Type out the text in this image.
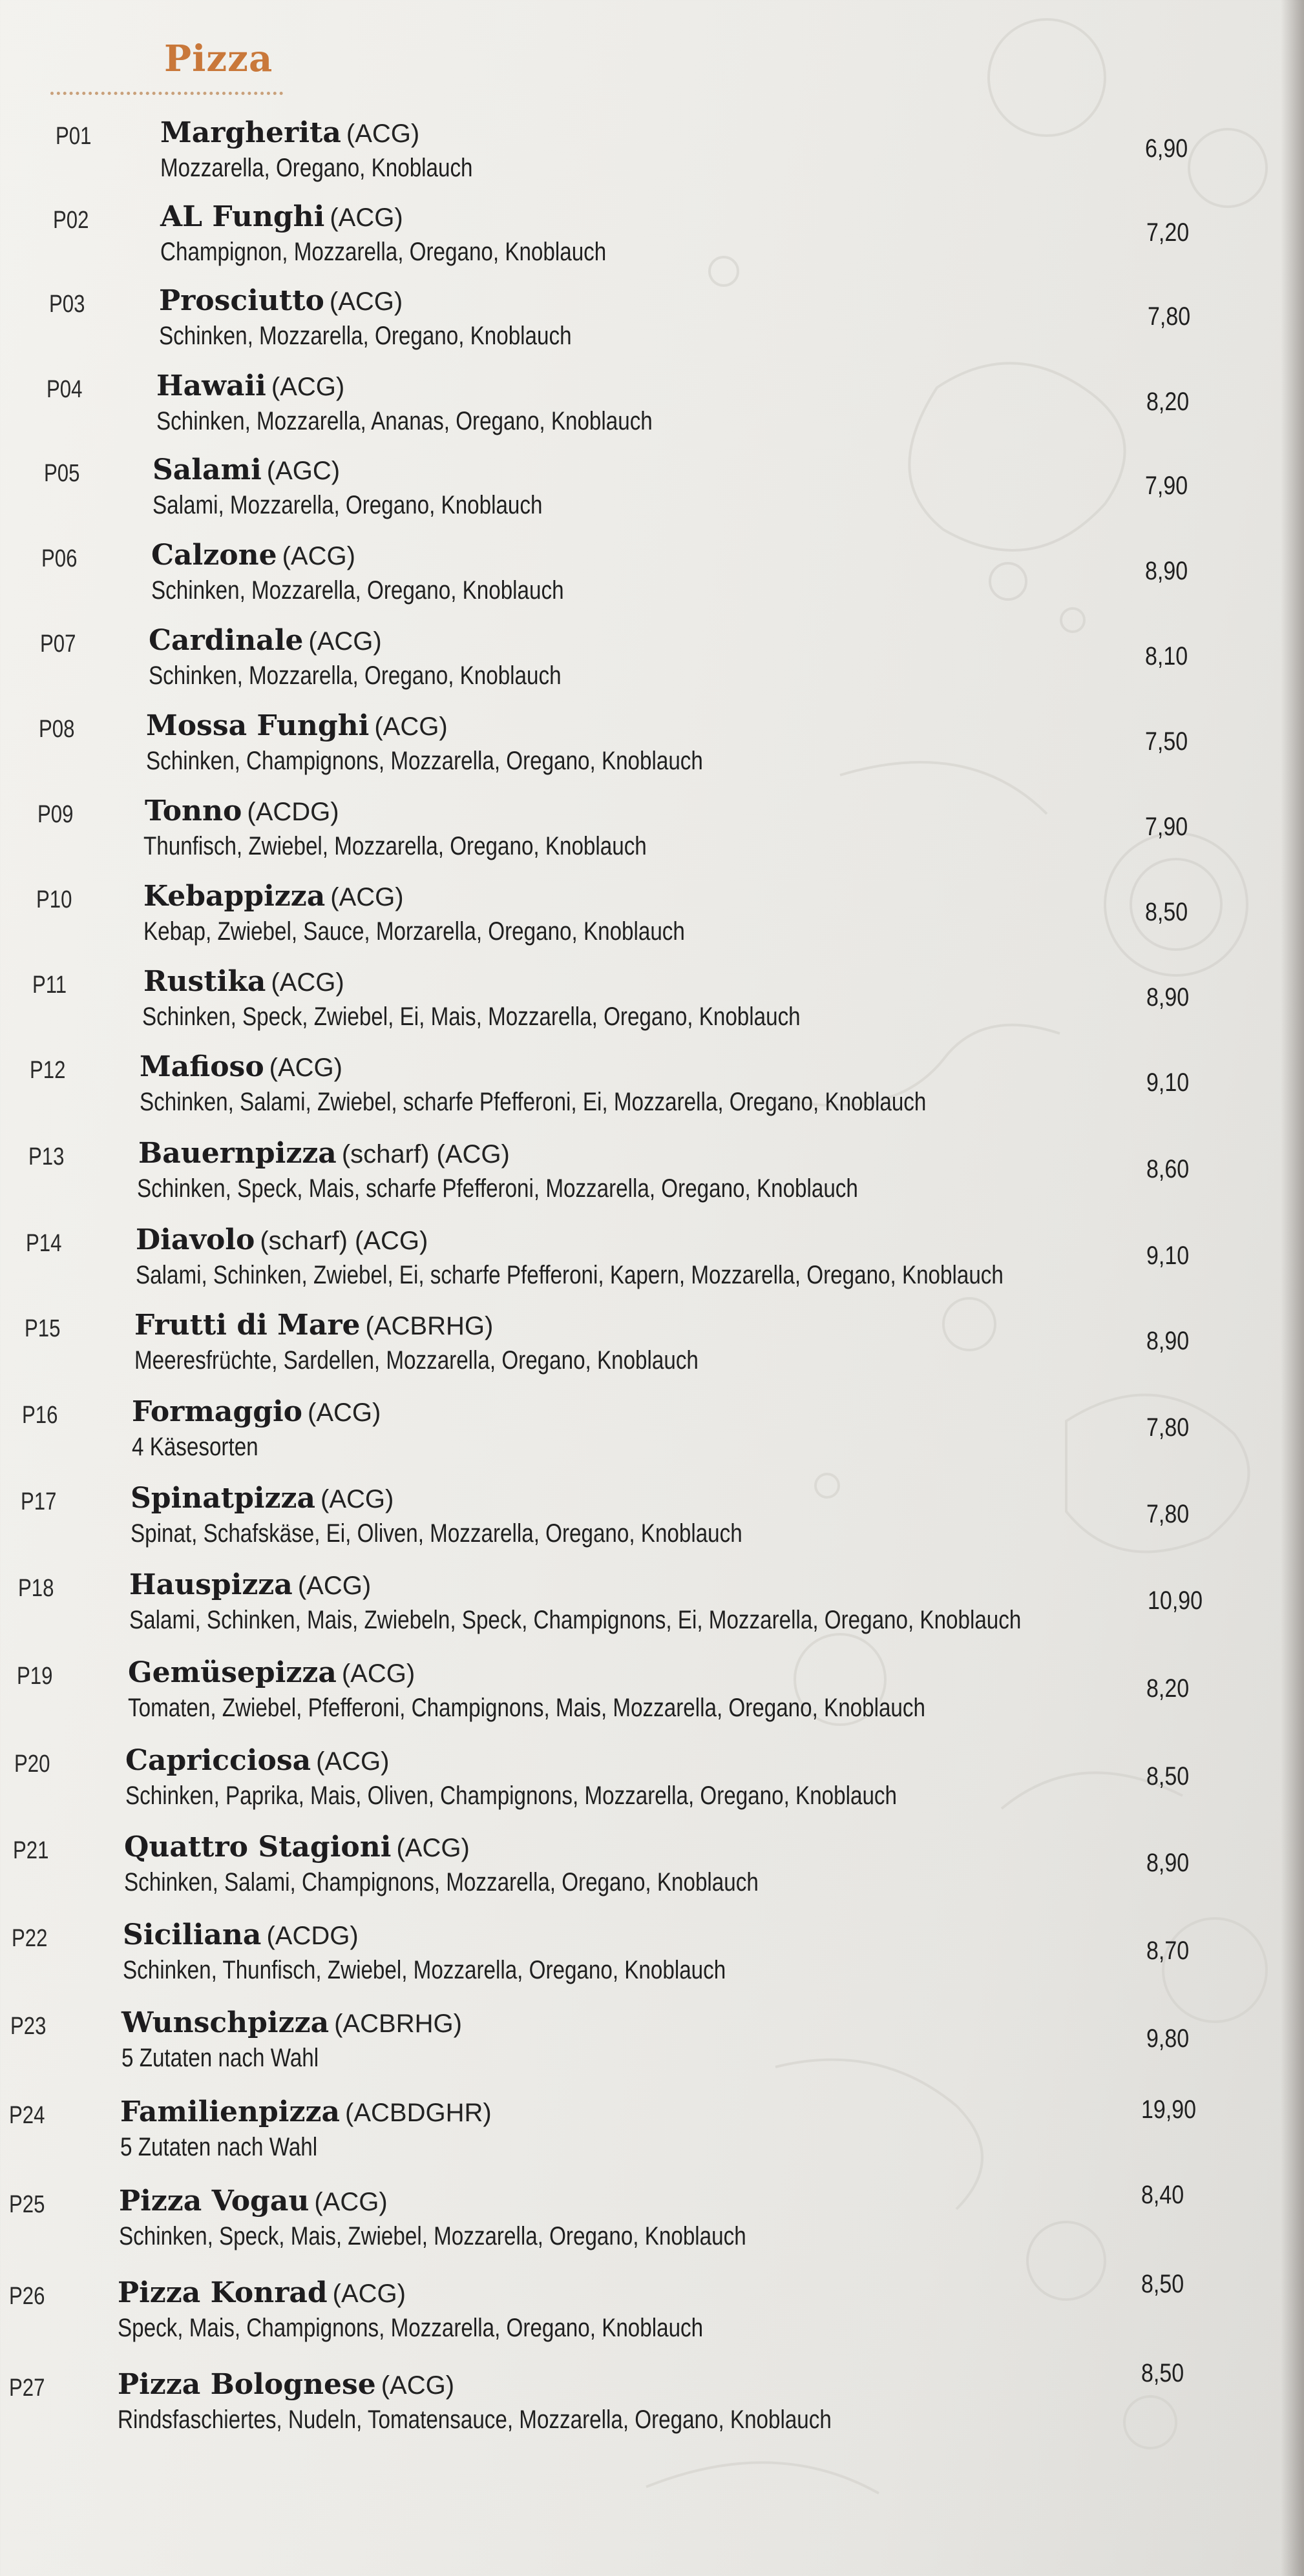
Pizza
P01 Margherita (ACG)
Mozzarella, Oregano, Knoblauch
6,90
P02	AL Funghi (ACG)
Champignon, Mozzarella, Oregano, Knoblauch
7,20
P03	Prosciutto (ACG)
Schinken, Mozzarella, Oregano, Knoblauch
7,80
P04	Hawaii (ACG)
Schinken, Mozzarella, Ananas, Oregano, Knoblauch
8,20
P05	Salami (AGC)
Salami, Mozzarella, Oregano, Knoblauch
7,90
P06	Calzone (ACG)
Schinken, Mozzarella, Oregano, Knoblauch
8,90
P07	Cardinale (ACG)
Schinken, Mozzarella, Oregano, Knoblauch
8,10
P08	Mossa Funghi (ACG)
Schinken, Champignons, Mozzarella, Oregano, Knoblauch
7,50
P09	Tonno (ACDG)
Thunfisch, Zwiebel, Mozzarella, Oregano, Knoblauch
7,90
P10	Kebappizza (ACG)
Kebap, Zwiebel, Sauce, Morzarella, Oregano, Knoblauch
8,50
P11	Rustika (ACG)
Schinken, Speck, Zwiebel, Ei, Mais, Mozzarella, Oregano, Knoblauch
8,90
P12	Mafioso (ACG)
Schinken, Salami, Zwiebel, scharfe Pfefferoni, Ei, Mozzarella, Oregano, Knoblauch
9,10
P13	Bauernpizza (scharf) (ACG)
Schinken, Speck, Mais, scharfe Pfefferoni, Mozzarella, Oregano, Knoblauch
8,60
P14	Diavolo (scharf) (ACG)
Salami, Schinken, Zwiebel, Ei, scharfe Pfefferoni, Kapern, Mozzarella, Oregano, Knoblauch
9,10
P15	Frutti di Mare (ACBRHG)
Meeresfrüchte, Sardellen, Mozzarella, Oregano, Knoblauch
8,90
P16	Formaggio (ACG)
4 Käsesorten
7,80
P17	Spinatpizza (ACG)
Spinat, Schafskäse, Ei, Oliven, Mozzarella, Oregano, Knoblauch
7,80
P18	Hauspizza (ACG)
Salami, Schinken, Mais, Zwiebeln, Speck, Champignons, Ei, Mozzarella, Oregano, Knoblauch
10,90
P19	Gemüsepizza (ACG)
Tomaten, Zwiebel, Pfefferoni, Champignons, Mais, Mozzarella, Oregano, Knoblauch
8,20
P20	Capricciosa (ACG)
Schinken, Paprika, Mais, Oliven, Champignons, Mozzarella, Oregano, Knoblauch
8,50
P21	Quattro Stagioni (ACG)
Schinken, Salami, Champignons, Mozzarella, Oregano, Knoblauch
8,90
P22	Siciliana (ACDG)
Schinken, Thunfisch, Zwiebel, Mozzarella, Oregano, Knoblauch
8,70
P23	Wunschpizza (ACBRHG)
5 Zutaten nach Wahl
9,80
P24	Familienpizza (ACBDGHR)
5 Zutaten nach Wahl
19,90
P25	Pizza Vogau (ACG)
Schinken, Speck, Mais, Zwiebel, Mozzarella, Oregano, Knoblauch
8,40
P26	Pizza Konrad (ACG)
Speck, Mais, Champignons, Mozzarella, Oregano, Knoblauch
8,50
P27	Pizza Bolognese (ACG)
Rindsfaschiertes, Nudeln, Tomatensauce, Mozzarella, Oregano, Knoblauch
8,50
